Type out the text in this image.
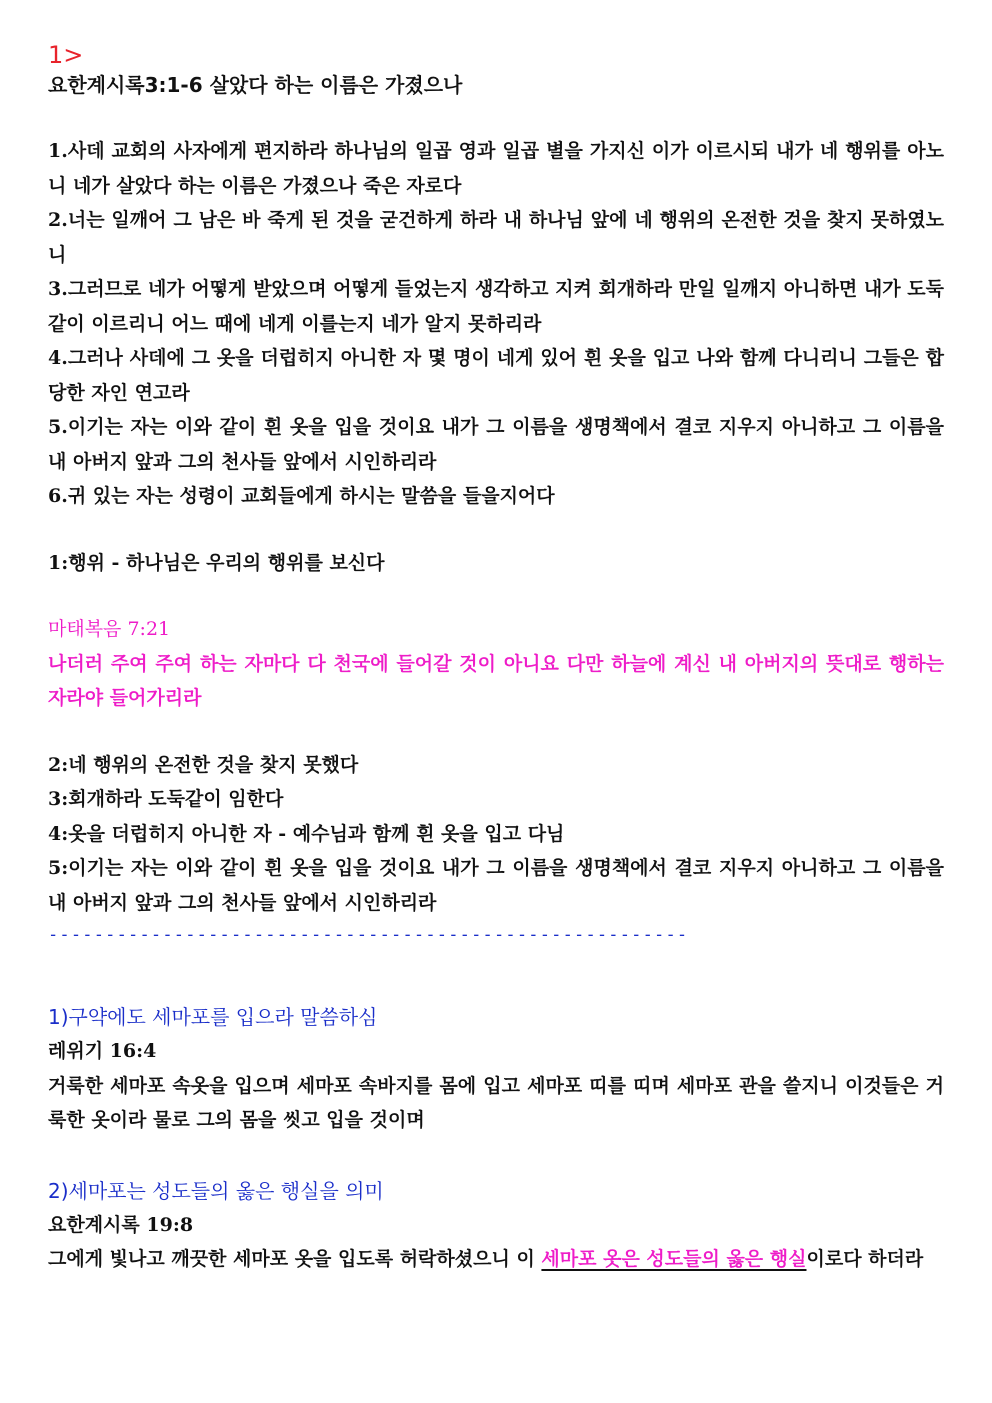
1>
요한계시록3:1-6 살았다 하는 이름은 가졌으나
1.사데 교회의 사자에게 편지하라 하나님의 일곱 영과 일곱 별을 가지신 이가 이르시되 내가 네 행위를 아노니 네가 살았다 하는 이름은 가졌으나 죽은 자로다
2.너는 일깨어 그 남은 바 죽게 된 것을 굳건하게 하라 내 하나님 앞에 네 행위의 온전한 것을 찾지 못하였노니
3.그러므로 네가 어떻게 받았으며 어떻게 들었는지 생각하고 지켜 회개하라 만일 일깨지 아니하면 내가 도둑 같이 이르리니 어느 때에 네게 이를는지 네가 알지 못하리라
4.그러나 사데에 그 옷을 더럽히지 아니한 자 몇 명이 네게 있어 흰 옷을 입고 나와 함께 다니리니 그들은 합당한 자인 연고라
5.이기는 자는 이와 같이 흰 옷을 입을 것이요 내가 그 이름을 생명책에서 결코 지우지 아니하고 그 이름을 내 아버지 앞과 그의 천사들 앞에서 시인하리라
6.귀 있는 자는 성령이 교회들에게 하시는 말씀을 들을지어다
1:행위 - 하나님은 우리의 행위를 보신다
마태복음 7:21
나더러 주여 주여 하는 자마다 다 천국에 들어갈 것이 아니요 다만 하늘에 계신 내 아버지의 뜻대로 행하는 자라야 들어가리라
2:네 행위의 온전한 것을 찾지 못했다
3:회개하라 도둑같이 임한다
4:옷을 더럽히지 아니한 자 - 예수님과 함께 흰 옷을 입고 다님
5:이기는 자는 이와 같이 흰 옷을 입을 것이요 내가 그 이름을 생명책에서 결코 지우지 아니하고 그 이름을 내 아버지 앞과 그의 천사들 앞에서 시인하리라
--------------------------------------------------------
1)구약에도 세마포를 입으라 말씀하심
레위기 16:4
거룩한 세마포 속옷을 입으며 세마포 속바지를 몸에 입고 세마포 띠를 띠며 세마포 관을 쓸지니 이것들은 거룩한 옷이라 물로 그의 몸을 씻고 입을 것이며
2)세마포는 성도들의 옳은 행실을 의미
요한계시록 19:8
그에게 빛나고 깨끗한 세마포 옷을 입도록 허락하셨으니 이 세마포 옷은 성도들의 옳은 행실이로다 하더라
